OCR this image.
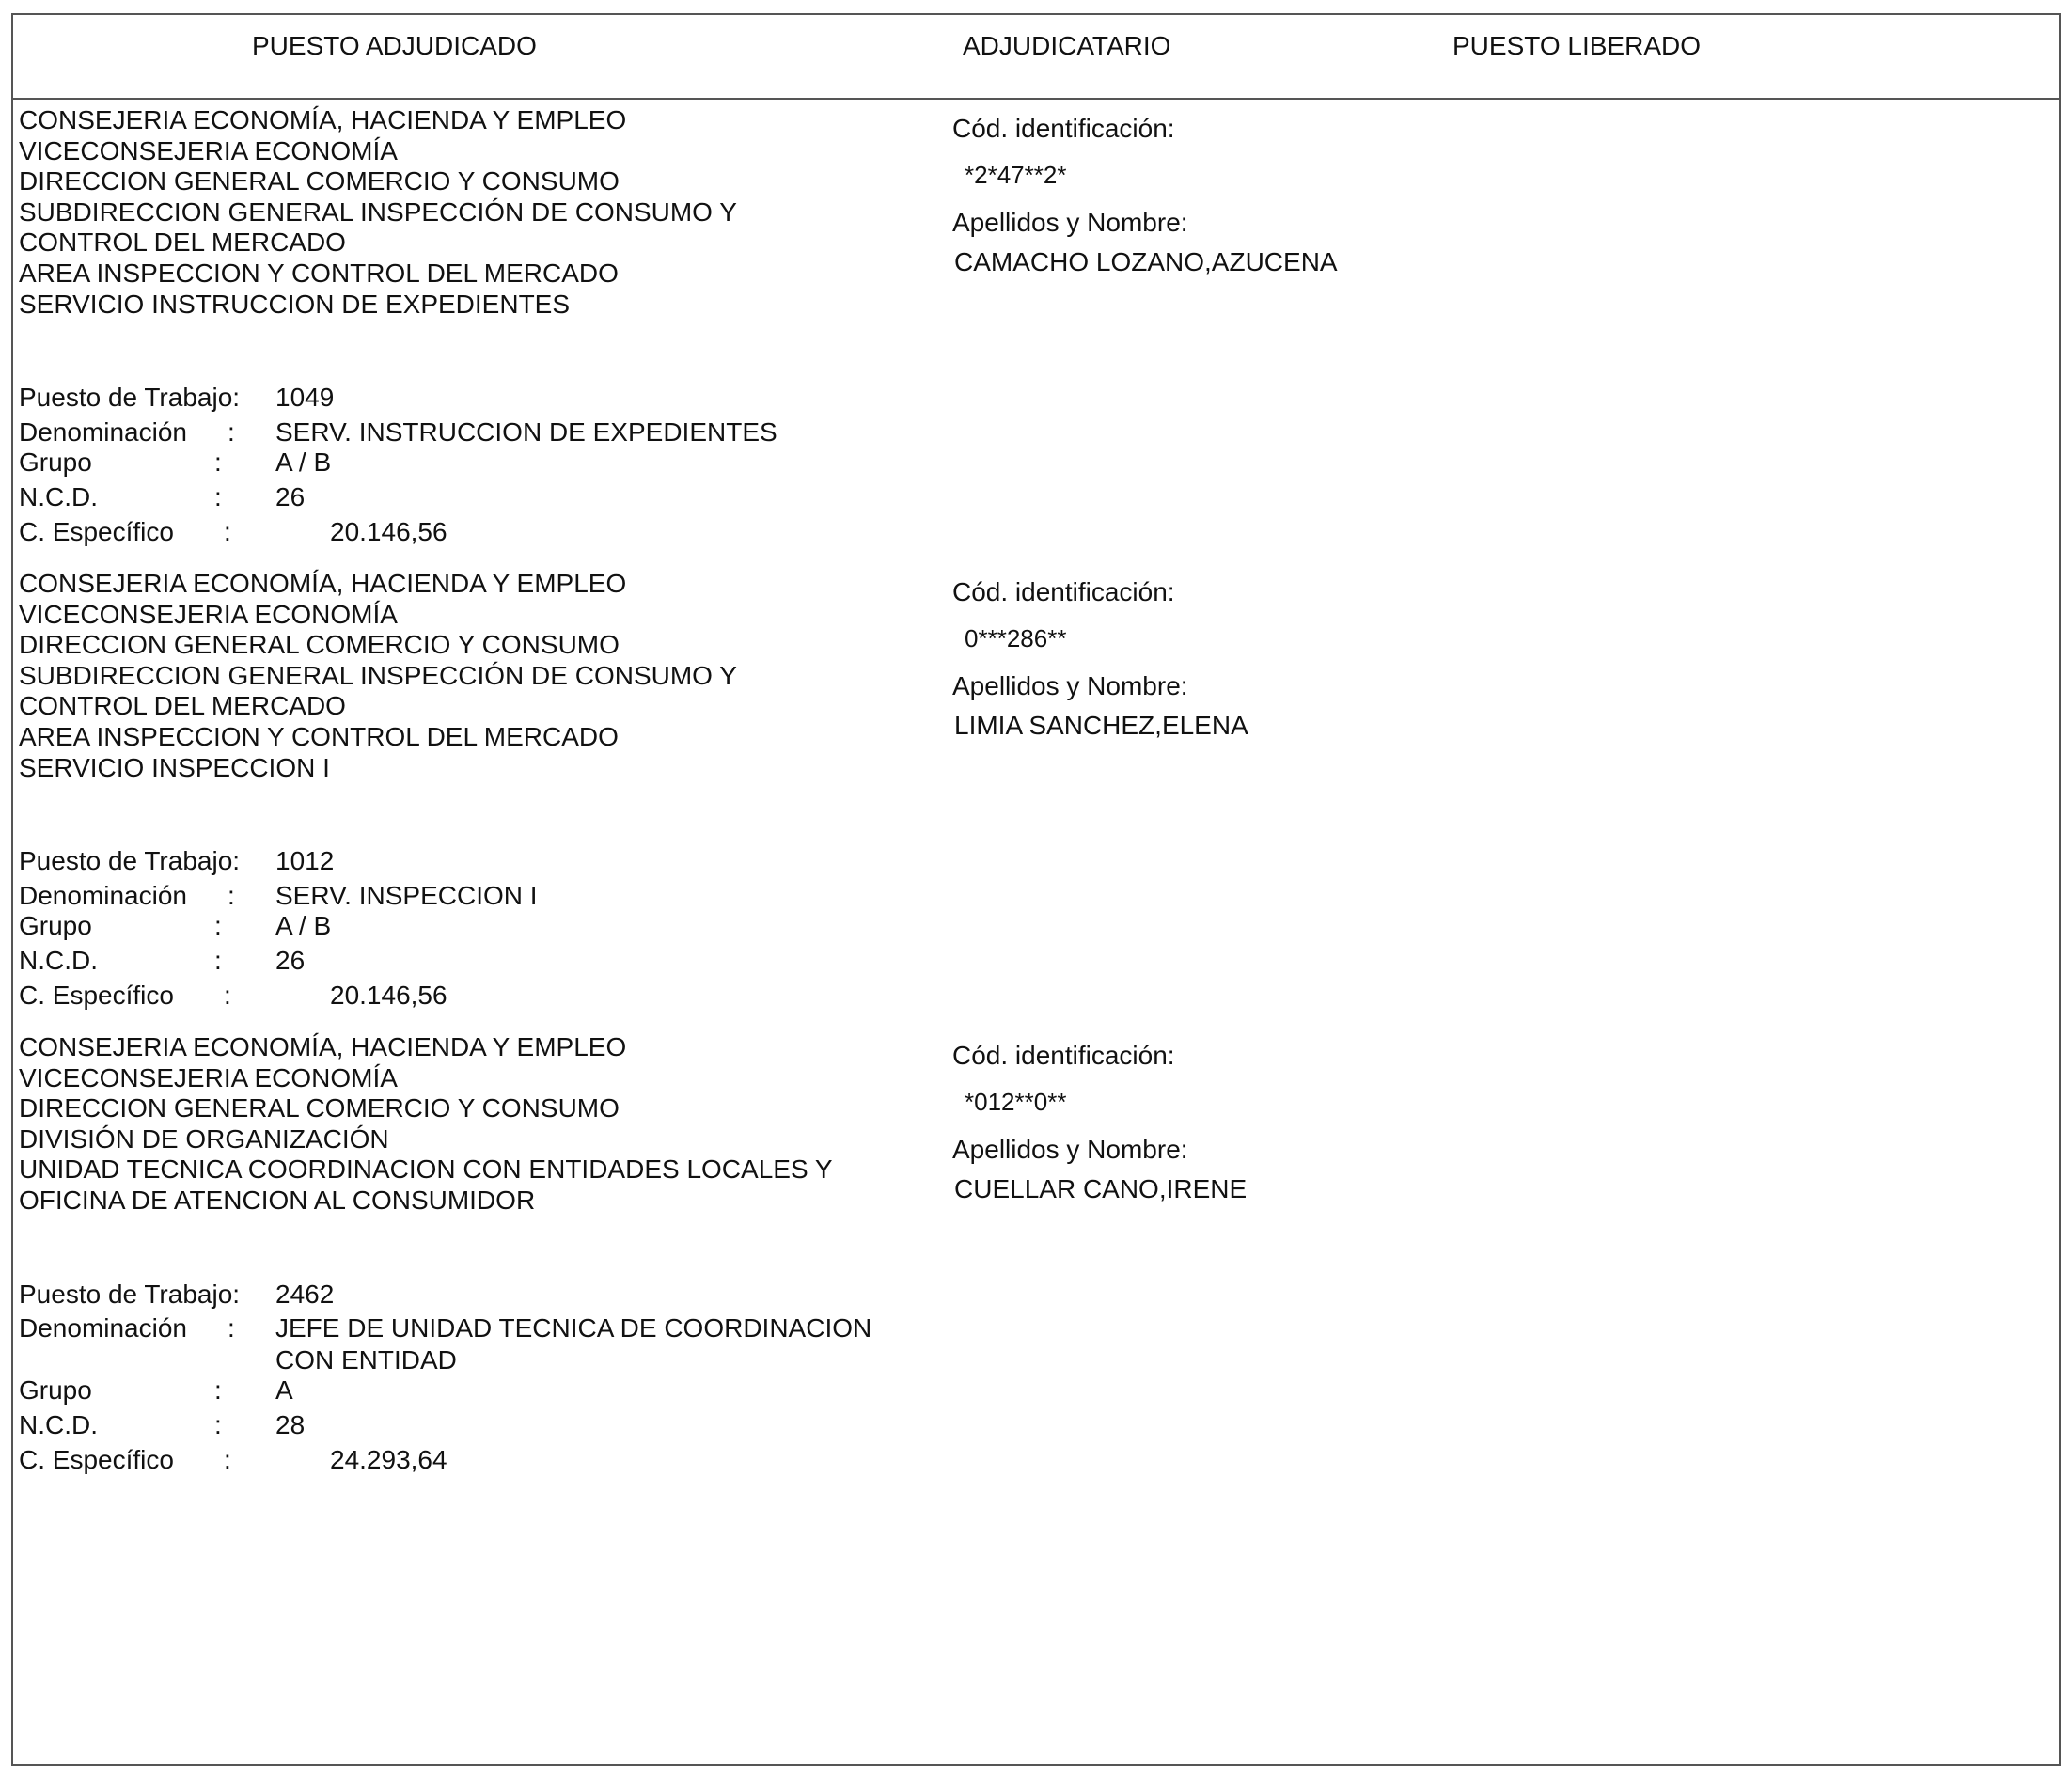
PUESTO ADJUDICADO	ADJUDICATARIO	PUESTO LIBERADO
CONSEJERIA ECONOMÍA, HACIENDA Y EMPLEO
VICECONSEJERIA ECONOMÍA
DIRECCION GENERAL COMERCIO Y CONSUMO
SUBDIRECCION GENERAL INSPECCIÓN DE CONSUMO Y
CONTROL DEL MERCADO
AREA INSPECCION Y CONTROL DEL MERCADO
SERVICIO INSTRUCCION DE EXPEDIENTES
Puesto de Trabajo: 1049
Denominación : SERV. INSTRUCCION DE EXPEDIENTES
Grupo	: A / B
N.C.D.	: 26
C. Específico :	20.146,56
Cód. identificación:
*2*47**2*
Apellidos y Nombre:
CAMACHO LOZANO,AZUCENA
CONSEJERIA ECONOMÍA, HACIENDA Y EMPLEO
VICECONSEJERIA ECONOMÍA
DIRECCION GENERAL COMERCIO Y CONSUMO
SUBDIRECCION GENERAL INSPECCIÓN DE CONSUMO Y
CONTROL DEL MERCADO
AREA INSPECCION Y CONTROL DEL MERCADO
SERVICIO INSPECCION I
Puesto de Trabajo: 1012
Denominación : SERV. INSPECCION I
Grupo	: A / B
N.C.D.	: 26
C. Específico :	20.146,56
Cód. identificación:
0***286**
Apellidos y Nombre:
LIMIA SANCHEZ,ELENA
CONSEJERIA ECONOMÍA, HACIENDA Y EMPLEO
VICECONSEJERIA ECONOMÍA
DIRECCION GENERAL COMERCIO Y CONSUMO
DIVISIÓN DE ORGANIZACIÓN
UNIDAD TECNICA COORDINACION CON ENTIDADES LOCALES Y
OFICINA DE ATENCION AL CONSUMIDOR
Puesto de Trabajo: 2462
Denominación : JEFE DE UNIDAD TECNICA DE COORDINACION CON ENTIDAD
Grupo	: A
N.C.D.	: 28
C. Específico :	24.293,64
Cód. identificación:
*012**0**
Apellidos y Nombre:
CUELLAR CANO,IRENE
